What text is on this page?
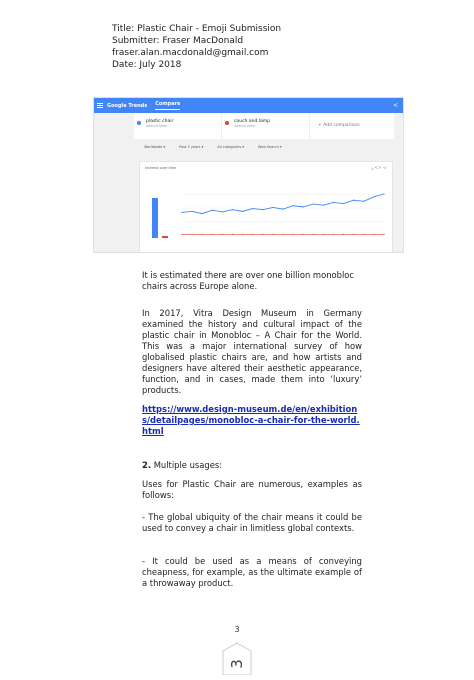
Title: Plastic Chair - Emoji Submission
Submitter: Fraser MacDonald
fraser.alan.macdonald@gmail.com
Date: July 2018
Google Trends Compare	<
plastic chair
Search term
couch and lamp
Search term	+ Add comparison
Worldwide ▾	Past 5 years ▾	All categories ▾	Web Search ▾
Interest over time	⤓ <> ⋖
It is estimated there are over one billion monobloc chairs across Europe alone.
In 2017, Vitra Design Museum in Germany examined the history and cultural impact of the plastic chair in Monobloc – A Chair for the World. This was a major international survey of how globalised plastic chairs are, and how artists and designers have altered their aesthetic appearance, function, and in cases, made them into ‘luxury’ products.
https://www.design-museum.de/en/exhibitions/detailpages/monobloc-a-chair-for-the-world.html
2. Multiple usages:
Uses for Plastic Chair are numerous, examples as follows:
- The global ubiquity of the chair means it could be used to convey a chair in limitless global contexts.
- It could be used as a means of conveying cheapness, for example, as the ultimate example of a throwaway product.
3
3
